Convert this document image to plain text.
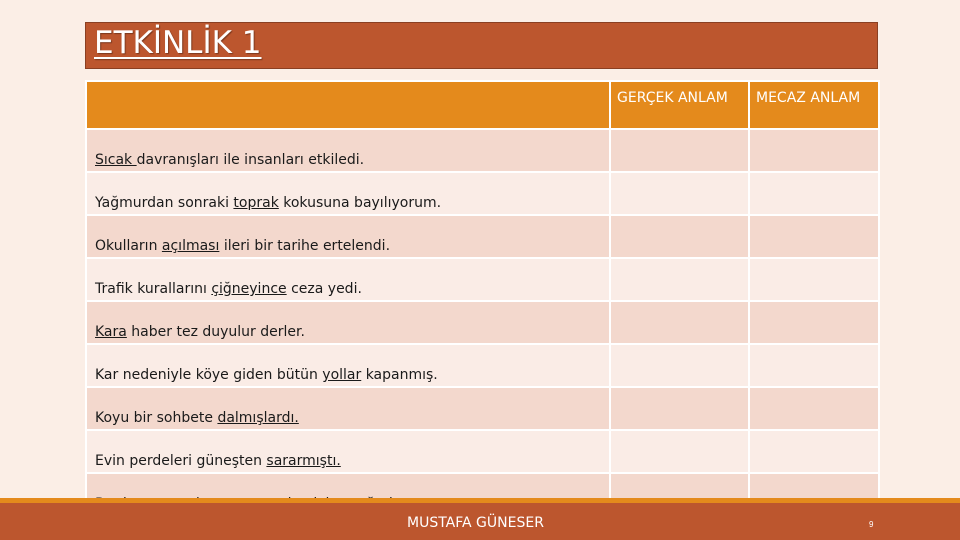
ETKİNLİK 1
	GERÇEK ANLAM	MECAZ ANLAM
Sıcak davranışları ile insanları etkiledi.		
Yağmurdan sonraki toprak kokusuna bayılıyorum.		
Okulların açılması ileri bir tarihe ertelendi.		
Trafik kurallarını çiğneyince ceza yedi.		
Kara haber tez duyulur derler.		
Kar nedeniyle köye giden bütün yollar kapanmış.		
Koyu bir sohbete dalmışlardı.		
Evin perdeleri güneşten sararmıştı.		

MUSTAFA GÜNESER	9
